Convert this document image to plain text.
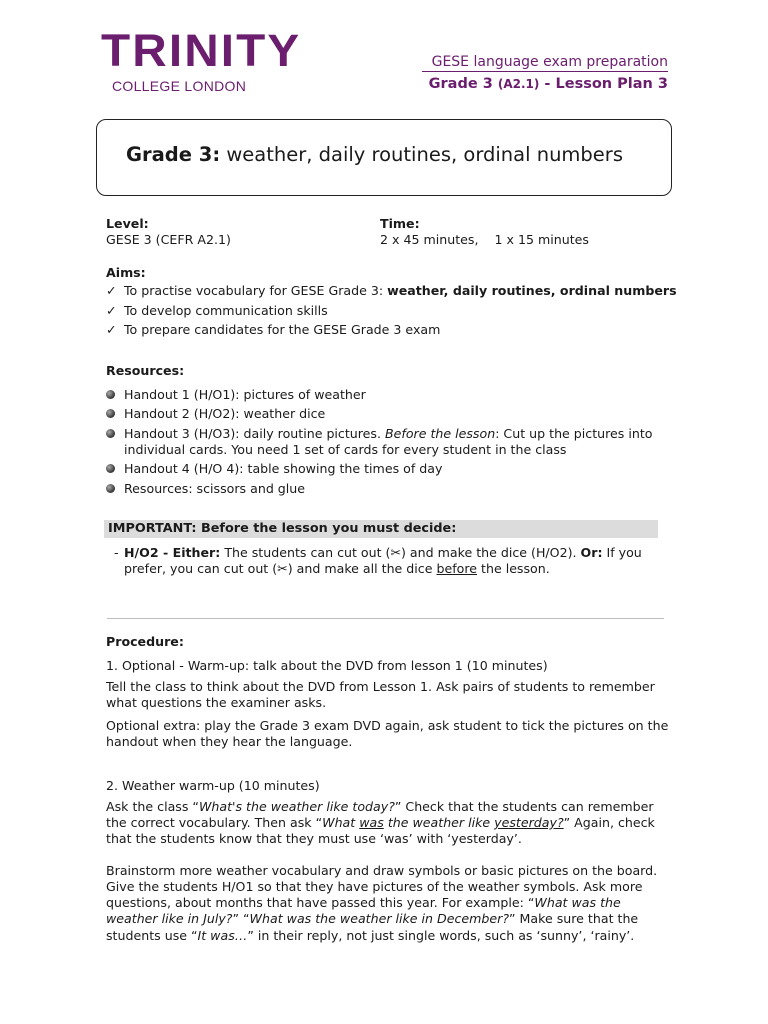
TRINITY
COLLEGE LONDON
GESE language exam preparation
Grade 3 (A2.1) - Lesson Plan 3
Grade 3: weather, daily routines, ordinal numbers
Level:
GESE 3 (CEFR A2.1)
Time:
2 x 45 minutes,    1 x 15 minutes
Aims:
✓ To practise vocabulary for GESE Grade 3: weather, daily routines, ordinal numbers
✓ To develop communication skills
✓ To prepare candidates for the GESE Grade 3 exam
Resources:
Handout 1 (H/O1): pictures of weather
Handout 2 (H/O2): weather dice
Handout 3 (H/O3): daily routine pictures. Before the lesson: Cut up the pictures into
individual cards. You need 1 set of cards for every student in the class
Handout 4 (H/O 4): table showing the times of day
Resources: scissors and glue
IMPORTANT: Before the lesson you must decide:
- H/O2 - Either: The students can cut out (✂) and make the dice (H/O2). Or: If you
prefer, you can cut out (✂) and make all the dice before the lesson.
Procedure:
1. Optional - Warm-up: talk about the DVD from lesson 1 (10 minutes)
Tell the class to think about the DVD from Lesson 1. Ask pairs of students to remember
what questions the examiner asks.
Optional extra: play the Grade 3 exam DVD again, ask student to tick the pictures on the
handout when they hear the language.
2. Weather warm-up (10 minutes)
Ask the class “What's the weather like today?” Check that the students can remember
the correct vocabulary. Then ask “What was the weather like yesterday?” Again, check
that the students know that they must use ‘was’ with ‘yesterday’.
Brainstorm more weather vocabulary and draw symbols or basic pictures on the board.
Give the students H/O1 so that they have pictures of the weather symbols. Ask more
questions, about months that have passed this year. For example: “What was the
weather like in July?” “What was the weather like in December?” Make sure that the
students use “It was…” in their reply, not just single words, such as ‘sunny’, ‘rainy’.
